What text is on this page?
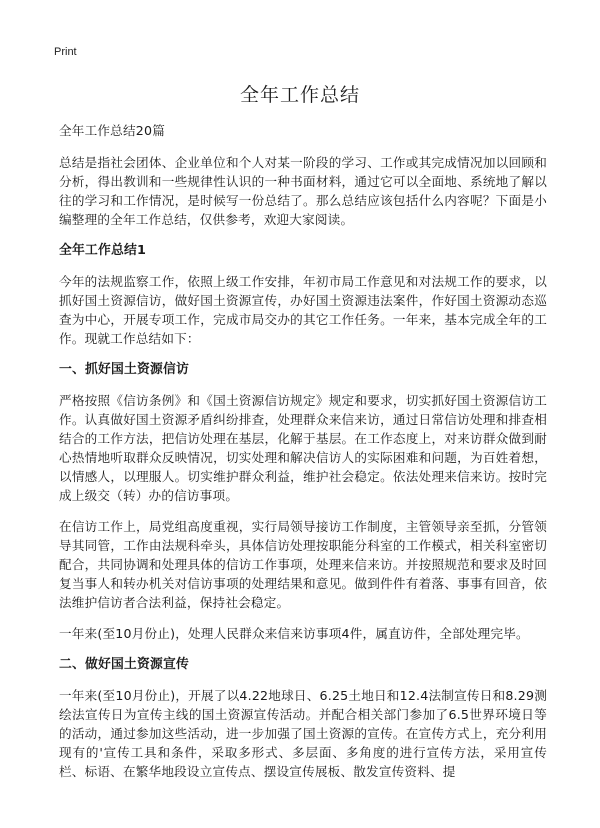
Print
全年工作总结

全年工作总结20篇

总结是指社会团体、企业单位和个人对某一阶段的学习、工作或其完成情况加以回顾和分析，得出教训和一些规律性认识的一种书面材料，通过它可以全面地、系统地了解以往的学习和工作情况，是时候写一份总结了。那么总结应该包括什么内容呢？下面是小编整理的全年工作总结，仅供参考，欢迎大家阅读。

全年工作总结1

今年的法规监察工作，依照上级工作安排，年初市局工作意见和对法规工作的要求，以抓好国土资源信访，做好国土资源宣传，办好国土资源违法案件，作好国土资源动态巡查为中心，开展专项工作，完成市局交办的其它工作任务。一年来，基本完成全年的工作。现就工作总结如下：

一、抓好国土资源信访

严格按照《信访条例》和《国土资源信访规定》规定和要求，切实抓好国土资源信访工作。认真做好国土资源矛盾纠纷排查，处理群众来信来访，通过日常信访处理和排查相结合的工作方法，把信访处理在基层，化解于基层。在工作态度上，对来访群众做到耐心热情地听取群众反映情况，切实处理和解决信访人的实际困难和问题，为百姓着想，以情感人，以理服人。切实维护群众利益，维护社会稳定。依法处理来信来访。按时完成上级交（转）办的信访事项。

在信访工作上，局党组高度重视，实行局领导接访工作制度，主管领导亲至抓，分管领导其同管，工作由法规科牵头，具体信访处理按职能分科室的工作模式，相关科室密切配合，共同协调和处理具体的信访工作事项，处理来信来访。并按照规范和要求及时回复当事人和转办机关对信访事项的处理结果和意见。做到件件有着落、事事有回音，依法维护信访者合法利益，保持社会稳定。

一年来(至10月份止)，处理人民群众来信来访事项4件，属直访件，全部处理完毕。

二、做好国土资源宣传

一年来(至10月份止)，开展了以4.22地球日、6.25土地日和12.4法制宣传日和8.29测绘法宣传日为宣传主线的国土资源宣传活动。并配合相关部门参加了6.5世界环境日等的活动，通过参加这些活动，进一步加强了国土资源的宣传。在宣传方式上，充分利用现有的'宣传工具和条件，采取多形式、多层面、多角度的进行宣传方法，采用宣传栏、标语、在繁华地段设立宣传点、摆设宣传展板、散发宣传资料、提
